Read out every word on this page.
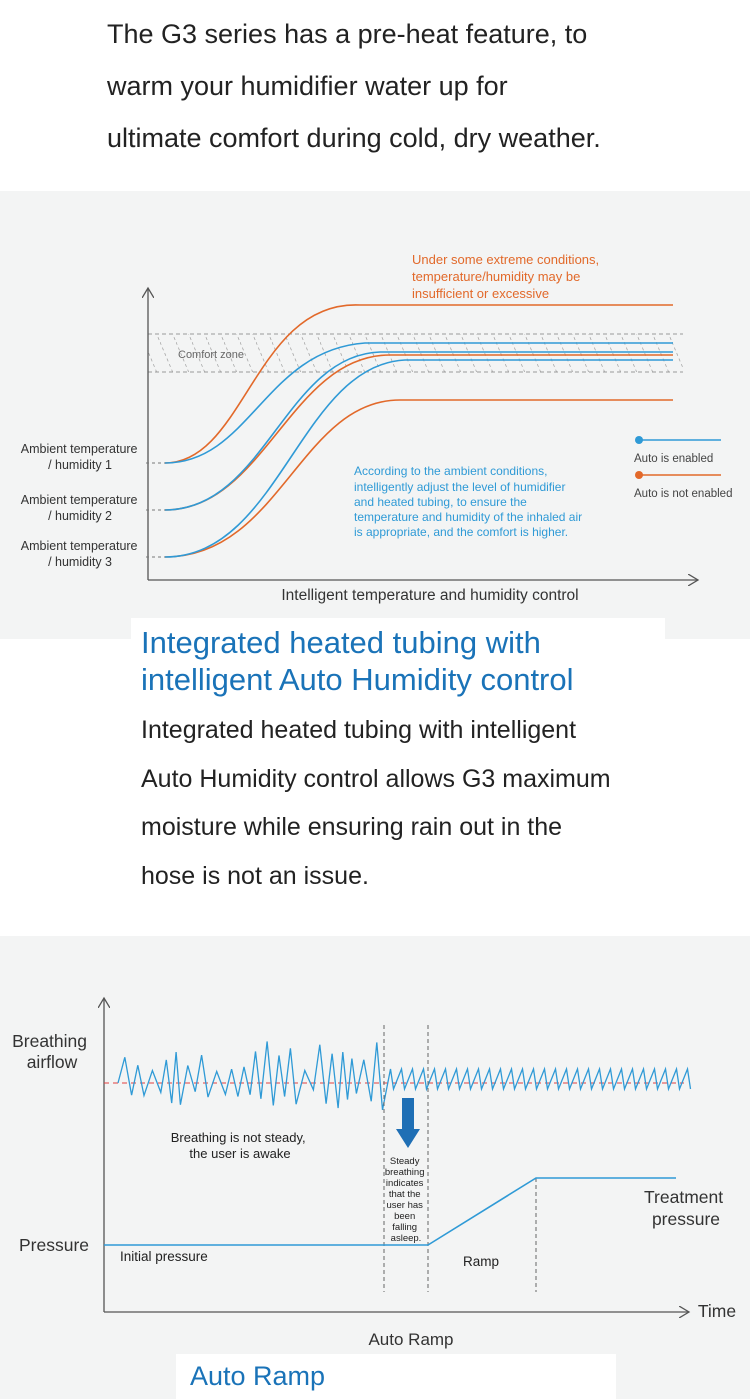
The G3 series has a pre-heat feature, to
warm your humidifier water up for
ultimate comfort during cold, dry weather.
Comfort zone
Ambient temperature / humidity 1
Ambient temperature / humidity 2
Ambient temperature / humidity 3
Under some extreme conditions, temperature/humidity may be insufficient or excessive
According to the ambient conditions, intelligently adjust the level of humidifier and heated tubing, to ensure the temperature and humidity of the inhaled air is appropriate, and the comfort is higher.
Auto is enabled
Auto is not enabled
Intelligent temperature and humidity control
Breathing airflow
Breathing is not steady, the user is awake
Steady breathing indicates that the user has been falling asleep.
Pressure
Initial pressure	Ramp
Treatment pressure
Time
Auto Ramp
Integrated heated tubing with
intelligent Auto Humidity control
Integrated heated tubing with intelligent
Auto Humidity control allows G3 maximum
moisture while ensuring rain out in the
hose is not an issue.
Auto Ramp
